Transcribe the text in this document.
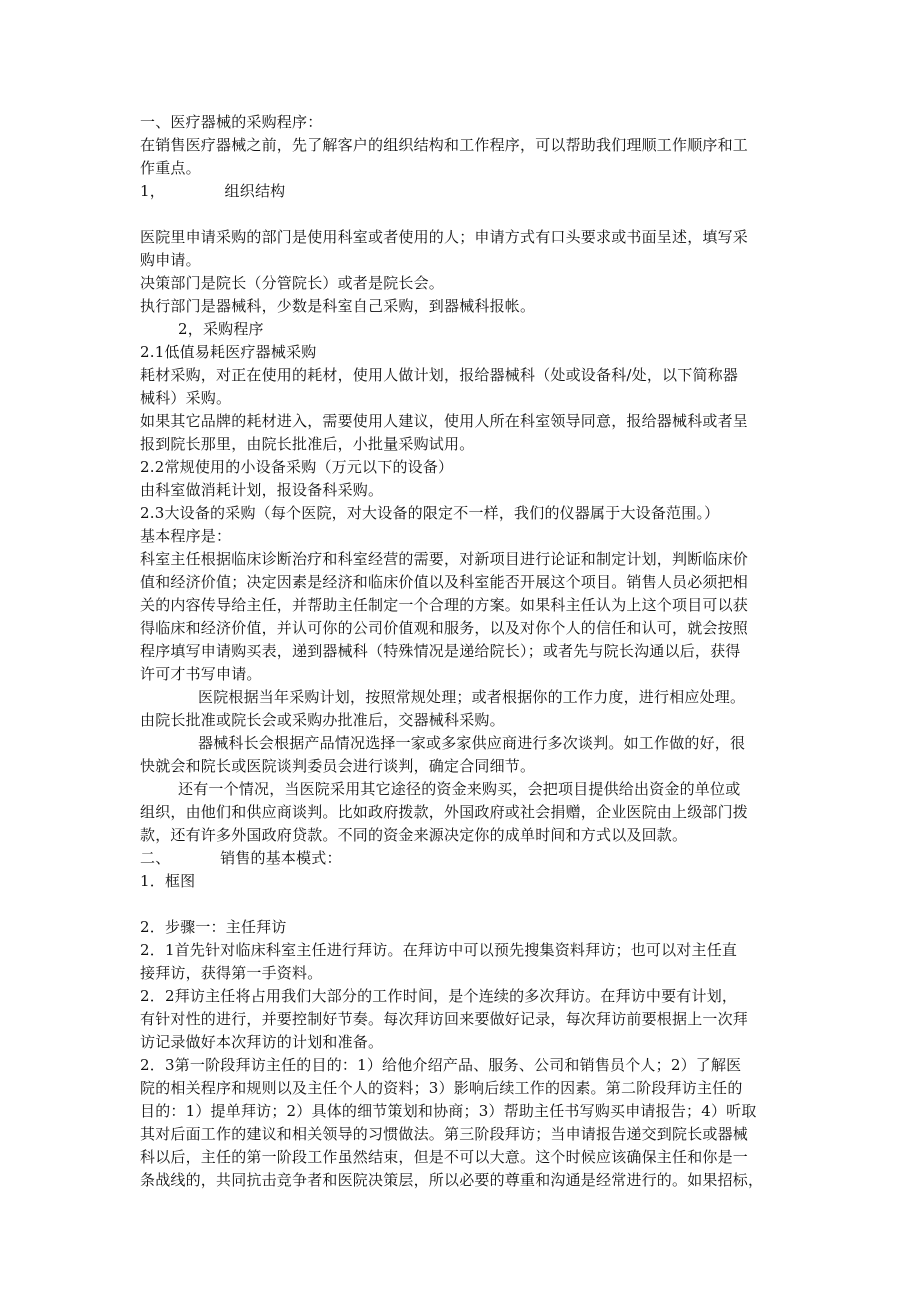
一、医疗器械的采购程序：
在销售医疗器械之前，先了解客户的组织结构和工作程序，可以帮助我们理顺工作顺序和工
作重点。
1，            组织结构
医院里申请采购的部门是使用科室或者使用的人；申请方式有口头要求或书面呈述，填写采
购申请。
决策部门是院长（分管院长）或者是院长会。
执行部门是器械科，少数是科室自己采购，到器械科报帐。
2，采购程序
2.1低值易耗医疗器械采购
耗材采购，对正在使用的耗材，使用人做计划，报给器械科（处或设备科/处，以下简称器
械科）采购。
如果其它品牌的耗材进入，需要使用人建议，使用人所在科室领导同意，报给器械科或者呈
报到院长那里，由院长批准后，小批量采购试用。
2.2常规使用的小设备采购（万元以下的设备）
由科室做消耗计划，报设备科采购。
2.3大设备的采购（每个医院，对大设备的限定不一样，我们的仪器属于大设备范围。）
基本程序是：
科室主任根据临床诊断治疗和科室经营的需要，对新项目进行论证和制定计划，判断临床价
值和经济价值；决定因素是经济和临床价值以及科室能否开展这个项目。销售人员必须把相
关的内容传导给主任，并帮助主任制定一个合理的方案。如果科主任认为上这个项目可以获
得临床和经济价值，并认可你的公司价值观和服务，以及对你个人的信任和认可，就会按照
程序填写申请购买表，递到器械科（特殊情况是递给院长）；或者先与院长沟通以后，获得
许可才书写申请。
医院根据当年采购计划，按照常规处理；或者根据你的工作力度，进行相应处理。
由院长批准或院长会或采购办批准后，交器械科采购。
器械科长会根据产品情况选择一家或多家供应商进行多次谈判。如工作做的好，很
快就会和院长或医院谈判委员会进行谈判，确定合同细节。
还有一个情况，当医院采用其它途径的资金来购买，会把项目提供给出资金的单位或
组织，由他们和供应商谈判。比如政府拨款，外国政府或社会捐赠，企业医院由上级部门拨
款，还有许多外国政府贷款。不同的资金来源决定你的成单时间和方式以及回款。
二、          销售的基本模式：
1．框图
2．步骤一：主任拜访
2．1首先针对临床科室主任进行拜访。在拜访中可以预先搜集资料拜访；也可以对主任直
接拜访，获得第一手资料。
2．2拜访主任将占用我们大部分的工作时间，是个连续的多次拜访。在拜访中要有计划，
有针对性的进行，并要控制好节奏。每次拜访回来要做好记录，每次拜访前要根据上一次拜
访记录做好本次拜访的计划和准备。
2．3第一阶段拜访主任的目的：1）给他介绍产品、服务、公司和销售员个人；2）了解医
院的相关程序和规则以及主任个人的资料；3）影响后续工作的因素。第二阶段拜访主任的
目的：1）提单拜访；2）具体的细节策划和协商；3）帮助主任书写购买申请报告；4）听取
其对后面工作的建议和相关领导的习惯做法。第三阶段拜访；当申请报告递交到院长或器械
科以后，主任的第一阶段工作虽然结束，但是不可以大意。这个时候应该确保主任和你是一
条战线的，共同抗击竞争者和医院决策层，所以必要的尊重和沟通是经常进行的。如果招标，
